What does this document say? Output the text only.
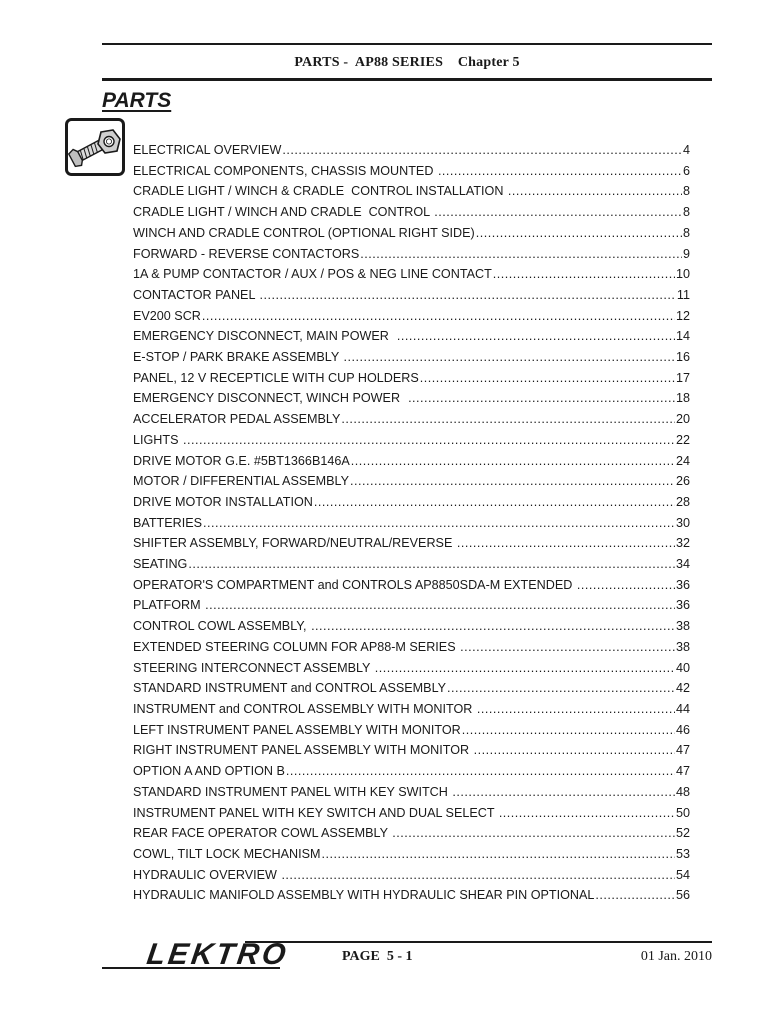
PARTS -  AP88 SERIES    Chapter 5
PARTS
ELECTRICAL OVERVIEW .....	4
ELECTRICAL COMPONENTS, CHASSIS MOUNTED .....	6
CRADLE LIGHT / WINCH & CRADLE  CONTROL INSTALLATION .....	8
CRADLE LIGHT / WINCH AND CRADLE  CONTROL .....	8
WINCH AND CRADLE CONTROL (OPTIONAL RIGHT SIDE) .....	8
FORWARD - REVERSE CONTACTORS .....	9
1A & PUMP CONTACTOR / AUX / POS & NEG LINE CONTACT .....	10
CONTACTOR PANEL .....	11
EV200 SCR .....	12
EMERGENCY DISCONNECT, MAIN POWER .....	14
E-STOP / PARK BRAKE ASSEMBLY .....	16
PANEL, 12 V RECEPTICLE WITH CUP HOLDERS .....	17
EMERGENCY DISCONNECT, WINCH POWER .....	18
ACCELERATOR PEDAL ASSEMBLY .....	20
LIGHTS .....	22
DRIVE MOTOR G.E. #5BT1366B146A .....	24
MOTOR / DIFFERENTIAL ASSEMBLY .....	26
DRIVE MOTOR INSTALLATION .....	28
BATTERIES .....	30
SHIFTER ASSEMBLY, FORWARD/NEUTRAL/REVERSE .....	32
SEATING .....	34
OPERATOR'S COMPARTMENT and CONTROLS AP8850SDA-M EXTENDED .....	36
PLATFORM .....	36
CONTROL COWL ASSEMBLY, .....	38
EXTENDED STEERING COLUMN FOR AP88-M SERIES .....	38
STEERING INTERCONNECT ASSEMBLY .....	40
STANDARD INSTRUMENT and CONTROL ASSEMBLY .....	42
INSTRUMENT and CONTROL ASSEMBLY WITH MONITOR .....	44
LEFT INSTRUMENT PANEL ASSEMBLY WITH MONITOR .....	46
RIGHT INSTRUMENT PANEL ASSEMBLY WITH MONITOR .....	47
OPTION A AND OPTION B .....	47
STANDARD INSTRUMENT PANEL WITH KEY SWITCH .....	48
INSTRUMENT PANEL WITH KEY SWITCH AND DUAL SELECT .....	50
REAR FACE OPERATOR COWL ASSEMBLY .....	52
COWL, TILT LOCK MECHANISM .....	53
HYDRAULIC OVERVIEW .....	54
HYDRAULIC MANIFOLD ASSEMBLY WITH HYDRAULIC SHEAR PIN OPTIONAL .....	56
LEKTRO	PAGE  5 - 1	01 Jan. 2010
